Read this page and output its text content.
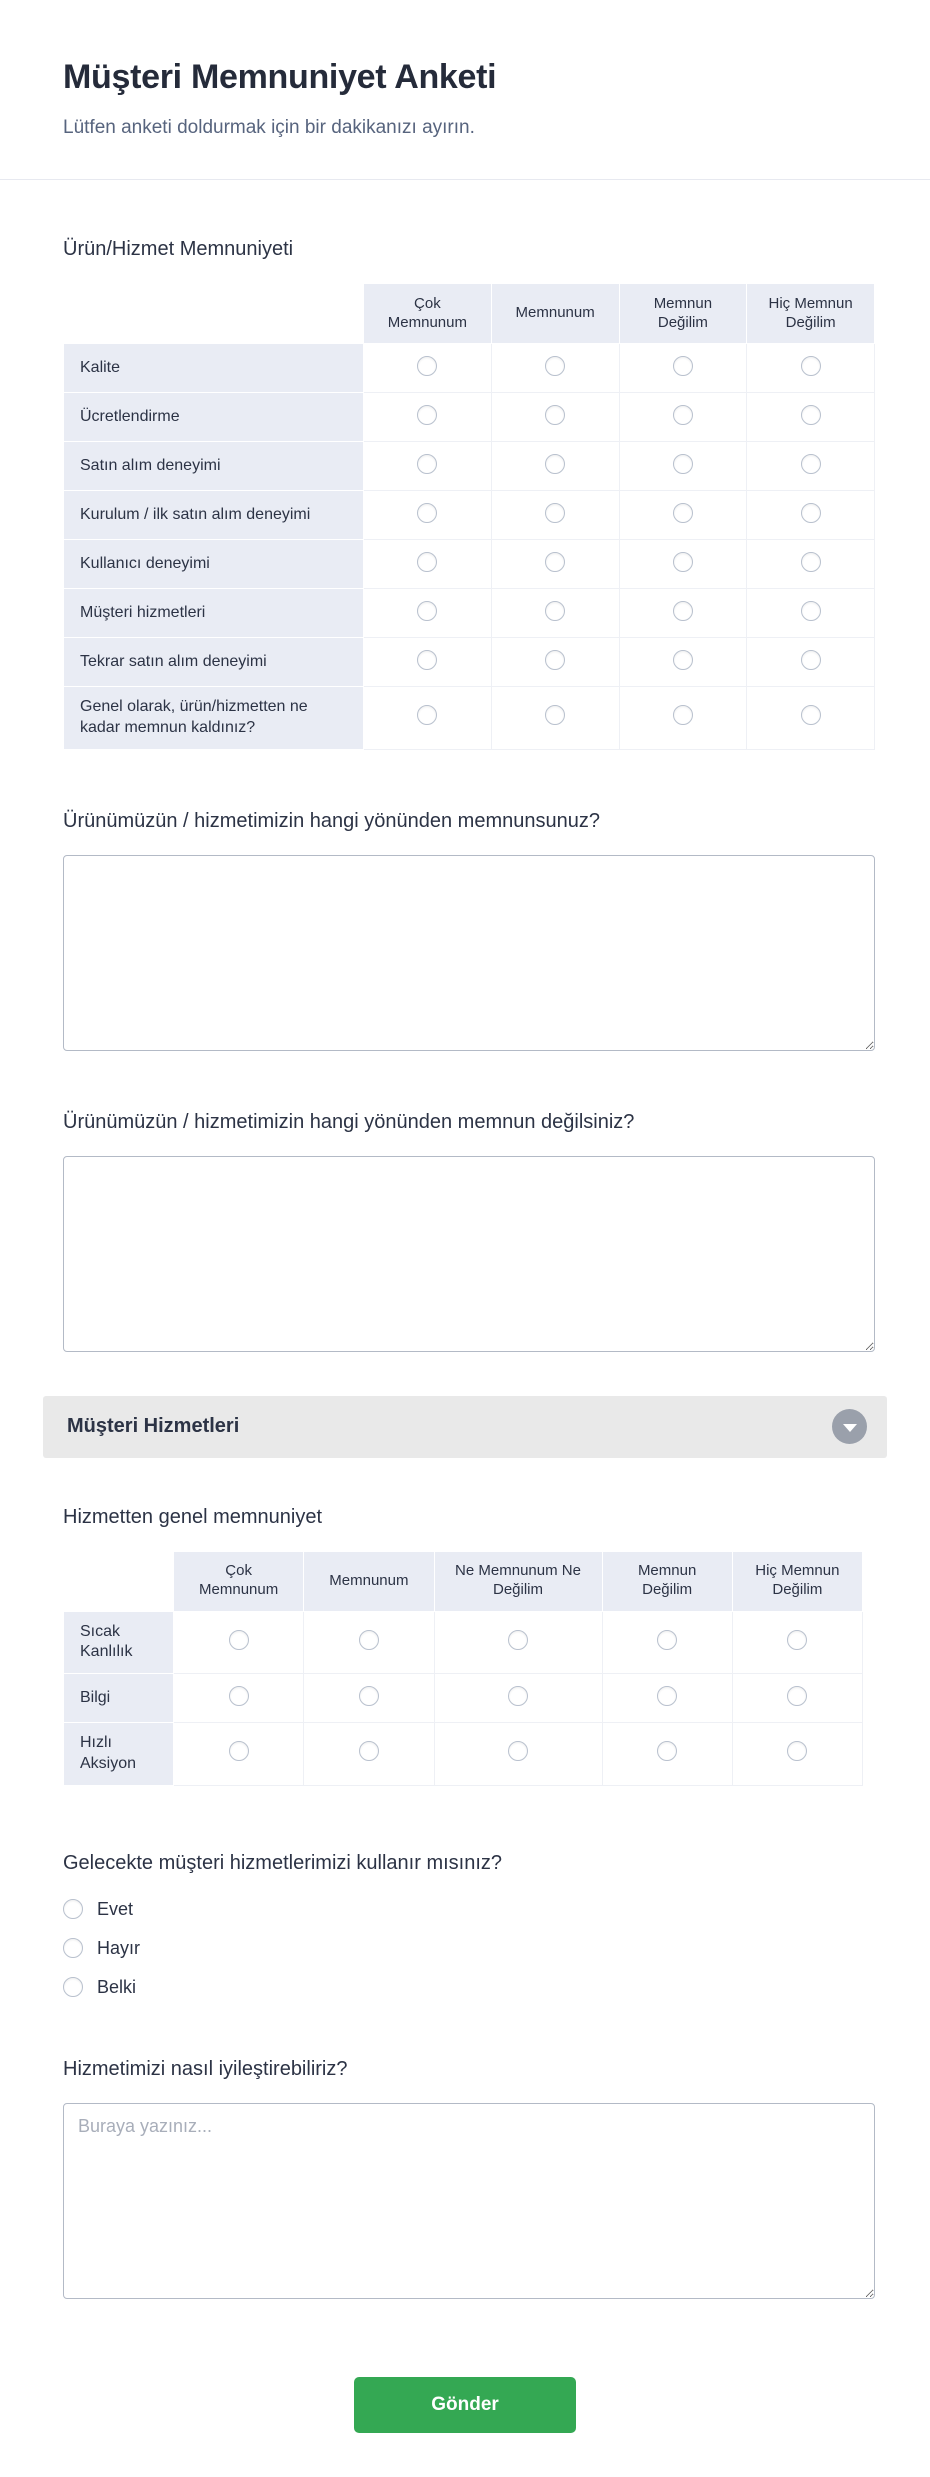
Müşteri Memnuniyet Anketi

Lütfen anketi doldurmak için bir dakikanızı ayırın.

Ürün/Hizmet Memnuniyeti
	Çok Memnunum	Memnunum	Memnun Değilim	Hiç Memnun Değilim
Kalite				
Ücretlendirme				
Satın alım deneyimi				
Kurulum / ilk satın alım deneyimi				
Kullanıcı deneyimi				
Müşteri hizmetleri				
Tekrar satın alım deneyimi				
Genel olarak, ürün/hizmetten ne kadar memnun kaldınız?				
Ürünümüzün / hizmetimizin hangi yönünden memnunsunuz?
Ürünümüzün / hizmetimizin hangi yönünden memnun değilsiniz?
Müşteri Hizmetleri
Hizmetten genel memnuniyet
	Çok Memnunum	Memnunum	Ne Memnunum Ne Değilim	Memnun Değilim	Hiç Memnun Değilim
Sıcak Kanlılık					
Bilgi					
Hızlı Aksiyon					
Gelecekte müşteri hizmetlerimizi kullanır mısınız?
Evet
Hayır
Belki
Hizmetimizi nasıl iyileştirebiliriz?
Buraya yazınız...
Gönder
